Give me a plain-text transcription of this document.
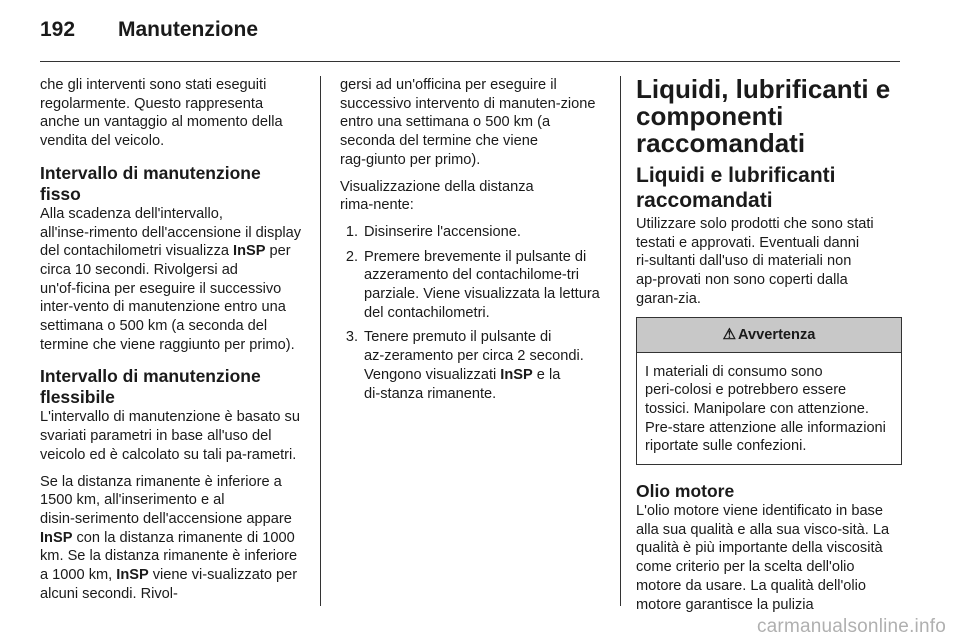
192 Manutenzione

che gli interventi sono stati eseguiti regolarmente. Questo rappresenta anche un vantaggio al momento della vendita del veicolo.

Intervallo di manutenzione fisso

Alla scadenza dell'intervallo, all'inse‑rimento dell'accensione il display del contachilometri visualizza InSP per circa 10 secondi. Rivolgersi ad un'of‑ficina per eseguire il successivo inter‑vento di manutenzione entro una settimana o 500 km (a seconda del termine che viene raggiunto per primo).

Intervallo di manutenzione flessibile

L'intervallo di manutenzione è basato su svariati parametri in base all'uso del veicolo ed è calcolato su tali pa‑rametri.

Se la distanza rimanente è inferiore a 1500 km, all'inserimento e al disin‑serimento dell'accensione appare InSP con la distanza rimanente di 1000 km. Se la distanza rimanente è inferiore a 1000 km, InSP viene vi‑sualizzato per alcuni secondi. Rivol‑

gersi ad un'officina per eseguire il successivo intervento di manuten‑zione entro una settimana o 500 km (a seconda del termine che viene rag‑giunto per primo).

Visualizzazione della distanza rima‑nente:

1. Disinserire l'accensione.
2. Premere brevemente il pulsante di azzeramento del contachilome‑tri parziale. Viene visualizzata la lettura del contachilometri.
3. Tenere premuto il pulsante di az‑zeramento per circa 2 secondi. Vengono visualizzati InSP e la di‑stanza rimanente.
Liquidi, lubrificanti e componenti raccomandati
Liquidi e lubrificanti raccomandati

Utilizzare solo prodotti che sono stati testati e approvati. Eventuali danni ri‑sultanti dall'uso di materiali non ap‑provati non sono coperti dalla garan‑zia.

⚠ Avvertenza
I materiali di consumo sono peri‑colosi e potrebbero essere tossici. Manipolare con attenzione. Pre‑stare attenzione alle informazioni riportate sulle confezioni.
Olio motore

L'olio motore viene identificato in base alla sua qualità e alla sua visco‑sità. La qualità è più importante della viscosità come criterio per la scelta dell'olio motore da usare. La qualità dell'olio motore garantisce la pulizia

carmanualsonline.info
